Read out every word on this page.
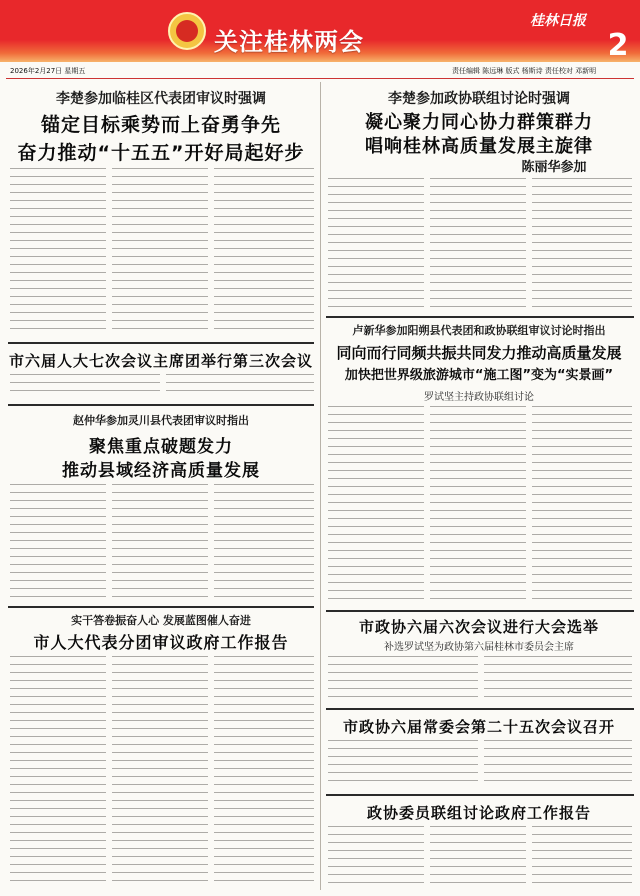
关注桂林两会
桂林日报
2
2026年2月27日 星期五	责任编辑 陈远琳 版式 杨斯诗 责任校对 邓新明
李楚参加临桂区代表团审议时强调
锚定目标乘势而上奋勇争先
奋力推动“十五五”开好局起好步
市六届人大七次会议主席团举行第三次会议
赵仲华参加灵川县代表团审议时指出
聚焦重点破题发力
推动县域经济高质量发展
实干答卷振奋人心 发展蓝图催人奋进
市人大代表分团审议政府工作报告
李楚参加政协联组讨论时强调
凝心聚力同心协力群策群力
唱响桂林高质量发展主旋律
陈丽华参加
卢新华参加阳朔县代表团和政协联组审议讨论时指出
同向而行同频共振共同发力推动高质量发展
加快把世界级旅游城市“施工图”变为“实景画”
罗试坚主持政协联组讨论
市政协六届六次会议进行大会选举
补选罗试坚为政协第六届桂林市委员会主席
市政协六届常委会第二十五次会议召开
政协委员联组讨论政府工作报告
